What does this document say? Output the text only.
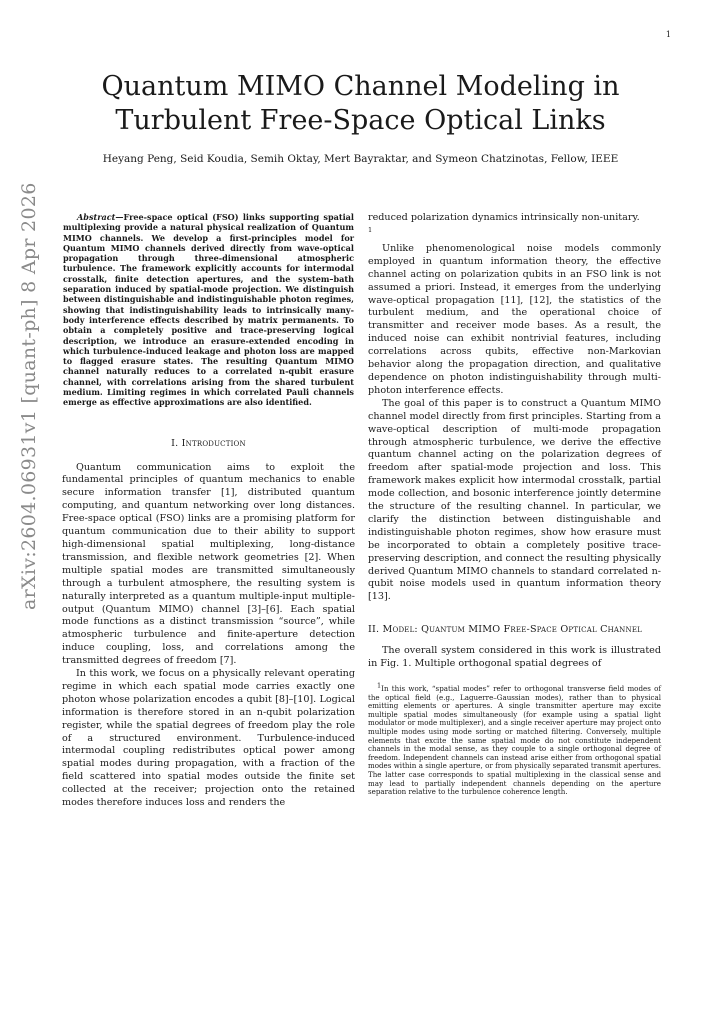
1
arXiv:2604.06931v1 [quant-ph] 8 Apr 2026
Quantum MIMO Channel Modeling in
Turbulent Free-Space Optical Links
Heyang Peng, Seid Koudia, Semih Oktay, Mert Bayraktar, and Symeon Chatzinotas, Fellow, IEEE

Abstract—Free-space optical (FSO) links supporting spatial multiplexing provide a natural physical realization of Quantum MIMO channels. We develop a first-principles model for Quantum MIMO channels derived directly from wave-optical propagation through three-dimensional atmospheric turbulence. The framework explicitly accounts for intermodal crosstalk, finite detection apertures, and the system–bath separation induced by spatial-mode projection. We distinguish between distinguishable and indistinguishable photon regimes, showing that indistinguishability leads to intrinsically many-body interference effects described by matrix permanents. To obtain a completely positive and trace-preserving logical description, we introduce an erasure-extended encoding in which turbulence-induced leakage and photon loss are mapped to flagged erasure states. The resulting Quantum MIMO channel naturally reduces to a correlated n-qubit erasure channel, with correlations arising from the shared turbulent medium. Limiting regimes in which correlated Pauli channels emerge as effective approximations are also identified.

I. Introduction

Quantum communication aims to exploit the fundamental principles of quantum mechanics to enable secure information transfer [1], distributed quantum computing, and quantum networking over long distances. Free-space optical (FSO) links are a promising platform for quantum communication due to their ability to support high-dimensional spatial multiplexing, long-distance transmission, and flexible network geometries [2]. When multiple spatial modes are transmitted simultaneously through a turbulent atmosphere, the resulting system is naturally interpreted as a quantum multiple-input multiple-output (Quantum MIMO) channel [3]–[6]. Each spatial mode functions as a distinct transmission “source”, while atmospheric turbulence and finite-aperture detection induce coupling, loss, and correlations among the transmitted degrees of freedom [7].

In this work, we focus on a physically relevant operating regime in which each spatial mode carries exactly one photon whose polarization encodes a qubit [8]–[10]. Logical information is therefore stored in an n-qubit polarization register, while the spatial degrees of freedom play the role of a structured environment. Turbulence-induced intermodal coupling redistributes optical power among spatial modes during propagation, with a fraction of the field scattered into spatial modes outside the finite set collected at the receiver; projection onto the retained modes therefore induces loss and renders the

reduced polarization dynamics intrinsically non-unitary.

1

Unlike phenomenological noise models commonly employed in quantum information theory, the effective channel acting on polarization qubits in an FSO link is not assumed a priori. Instead, it emerges from the underlying wave-optical propagation [11], [12], the statistics of the turbulent medium, and the operational choice of transmitter and receiver mode bases. As a result, the induced noise can exhibit nontrivial features, including correlations across qubits, effective non-Markovian behavior along the propagation direction, and qualitative dependence on photon indistinguishability through multi-photon interference effects.

The goal of this paper is to construct a Quantum MIMO channel model directly from first principles. Starting from a wave-optical description of multi-mode propagation through atmospheric turbulence, we derive the effective quantum channel acting on the polarization degrees of freedom after spatial-mode projection and loss. This framework makes explicit how intermodal crosstalk, partial mode collection, and bosonic interference jointly determine the structure of the resulting channel. In particular, we clarify the distinction between distinguishable and indistinguishable photon regimes, show how erasure must be incorporated to obtain a completely positive trace-preserving description, and connect the resulting physically derived Quantum MIMO channels to standard correlated n-qubit noise models used in quantum information theory [13].

II. Model: Quantum MIMO Free-Space Optical Channel

The overall system considered in this work is illustrated in Fig. 1. Multiple orthogonal spatial degrees of

1In this work, “spatial modes” refer to orthogonal transverse field modes of the optical field (e.g., Laguerre–Gaussian modes), rather than to physical emitting elements or apertures. A single transmitter aperture may excite multiple spatial modes simultaneously (for example using a spatial light modulator or mode multiplexer), and a single receiver aperture may project onto multiple modes using mode sorting or matched filtering. Conversely, multiple elements that excite the same spatial mode do not constitute independent channels in the modal sense, as they couple to a single orthogonal degree of freedom. Independent channels can instead arise either from orthogonal spatial modes within a single aperture, or from physically separated transmit apertures. The latter case corresponds to spatial multiplexing in the classical sense and may lead to partially independent channels depending on the aperture separation relative to the turbulence coherence length.
